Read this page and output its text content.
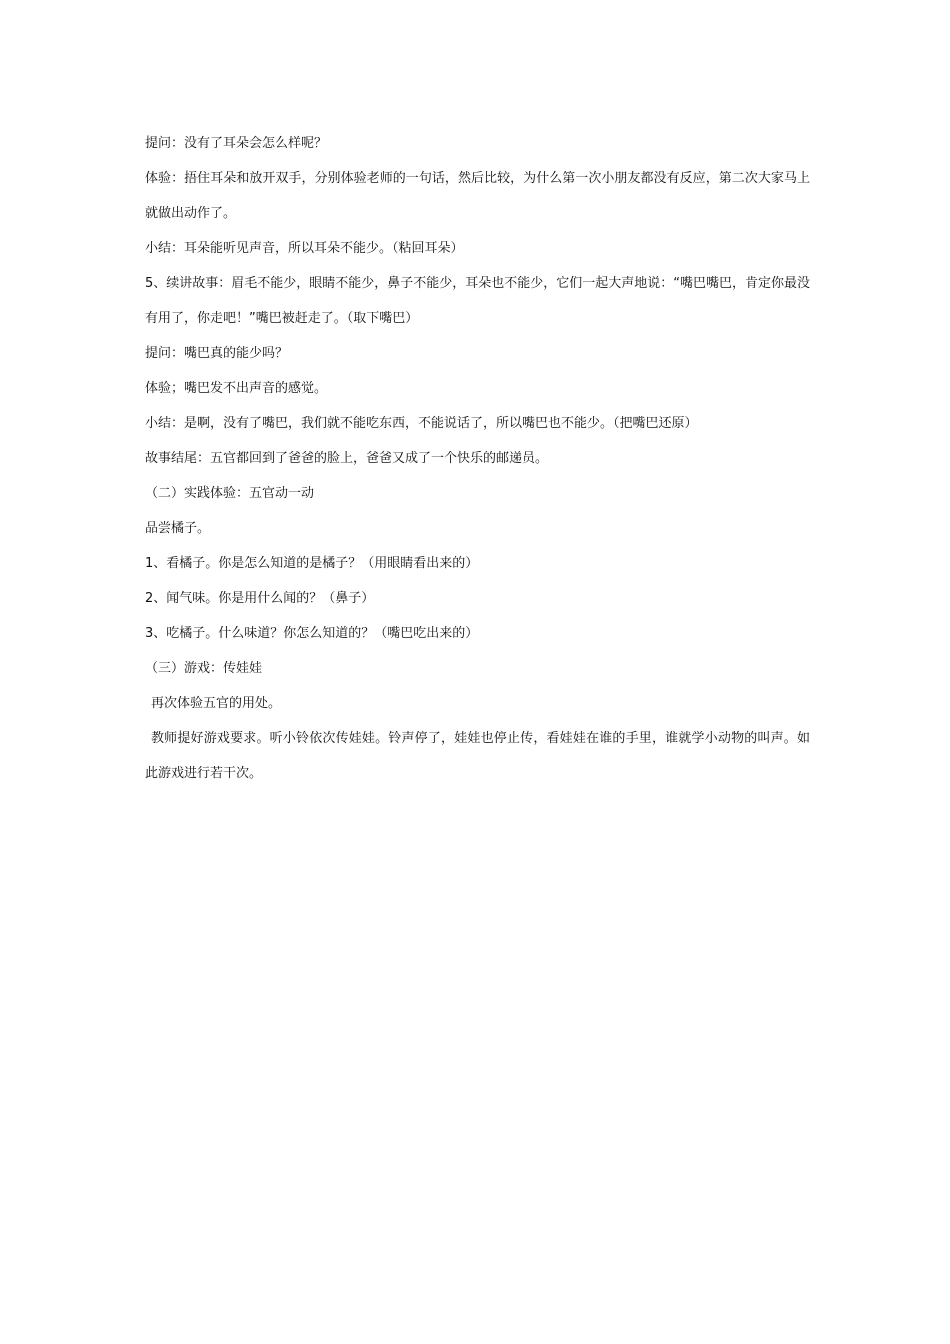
提问：没有了耳朵会怎么样呢？

体验：捂住耳朵和放开双手，分别体验老师的一句话，然后比较，为什么第一次小朋友都没有反应，第二次大家马上就做出动作了。

小结：耳朵能听见声音，所以耳朵不能少。（粘回耳朵）

5、续讲故事：眉毛不能少，眼睛不能少，鼻子不能少，耳朵也不能少，它们一起大声地说：“嘴巴嘴巴，肯定你最没有用了，你走吧！”嘴巴被赶走了。（取下嘴巴）

提问：嘴巴真的能少吗？

体验；嘴巴发不出声音的感觉。

小结：是啊，没有了嘴巴，我们就不能吃东西，不能说话了，所以嘴巴也不能少。（把嘴巴还原）

故事结尾：五官都回到了爸爸的脸上，爸爸又成了一个快乐的邮递员。

（二）实践体验：五官动一动

品尝橘子。

1、看橘子。你是怎么知道的是橘子？（用眼睛看出来的）

2、闻气味。你是用什么闻的？（鼻子）

3、吃橘子。什么味道？你怎么知道的？（嘴巴吃出来的）

（三）游戏：传娃娃

再次体验五官的用处。

教师提好游戏要求。听小铃依次传娃娃。铃声停了，娃娃也停止传，看娃娃在谁的手里，谁就学小动物的叫声。如此游戏进行若干次。
